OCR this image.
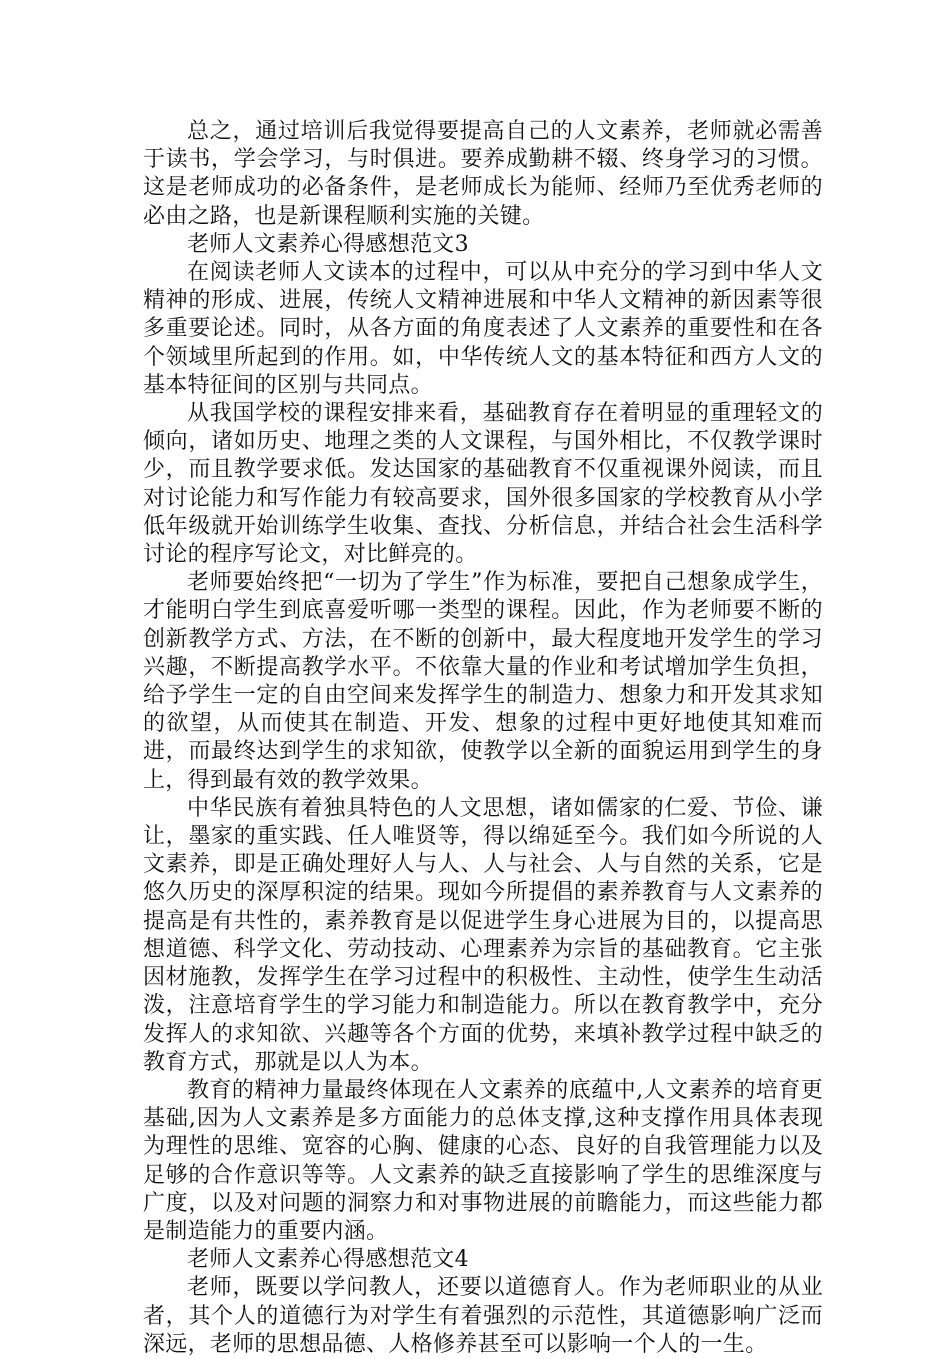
总之，通过培训后我觉得要提高自己的人文素养，老师就必需善于读书，学会学习，与时俱进。要养成勤耕不辍、终身学习的习惯。这是老师成功的必备条件，是老师成长为能师、经师乃至优秀老师的必由之路，也是新课程顺利实施的关键。

老师人文素养心得感想范文3

在阅读老师人文读本的过程中，可以从中充分的学习到中华人文精神的形成、进展，传统人文精神进展和中华人文精神的新因素等很多重要论述。同时，从各方面的角度表述了人文素养的重要性和在各个领域里所起到的作用。如，中华传统人文的基本特征和西方人文的基本特征间的区别与共同点。

从我国学校的课程安排来看，基础教育存在着明显的重理轻文的倾向，诸如历史、地理之类的人文课程，与国外相比，不仅教学课时少，而且教学要求低。发达国家的基础教育不仅重视课外阅读，而且对讨论能力和写作能力有较高要求，国外很多国家的学校教育从小学低年级就开始训练学生收集、查找、分析信息，并结合社会生活科学讨论的程序写论文，对比鲜亮的。

老师要始终把“一切为了学生”作为标准，要把自己想象成学生，才能明白学生到底喜爱听哪一类型的课程。因此，作为老师要不断的创新教学方式、方法，在不断的创新中，最大程度地开发学生的学习兴趣，不断提高教学水平。不依靠大量的作业和考试增加学生负担，给予学生一定的自由空间来发挥学生的制造力、想象力和开发其求知的欲望，从而使其在制造、开发、想象的过程中更好地使其知难而进，而最终达到学生的求知欲，使教学以全新的面貌运用到学生的身上，得到最有效的教学效果。

中华民族有着独具特色的人文思想，诸如儒家的仁爱、节俭、谦让，墨家的重实践、任人唯贤等，得以绵延至今。我们如今所说的人文素养，即是正确处理好人与人、人与社会、人与自然的关系，它是悠久历史的深厚积淀的结果。现如今所提倡的素养教育与人文素养的提高是有共性的，素养教育是以促进学生身心进展为目的，以提高思想道德、科学文化、劳动技动、心理素养为宗旨的基础教育。它主张因材施教，发挥学生在学习过程中的积极性、主动性，使学生生动活泼，注意培育学生的学习能力和制造能力。所以在教育教学中，充分发挥人的求知欲、兴趣等各个方面的优势，来填补教学过程中缺乏的教育方式，那就是以人为本。

教育的精神力量最终体现在人文素养的底蕴中,人文素养的培育更基础,因为人文素养是多方面能力的总体支撑,这种支撑作用具体表现为理性的思维、宽容的心胸、健康的心态、良好的自我管理能力以及足够的合作意识等等。人文素养的缺乏直接影响了学生的思维深度与广度，以及对问题的洞察力和对事物进展的前瞻能力，而这些能力都是制造能力的重要内涵。

老师人文素养心得感想范文4

老师，既要以学问教人，还要以道德育人。作为老师职业的从业者，其个人的道德行为对学生有着强烈的示范性，其道德影响广泛而深远，老师的思想品德、人格修养甚至可以影响一个人的一生。
